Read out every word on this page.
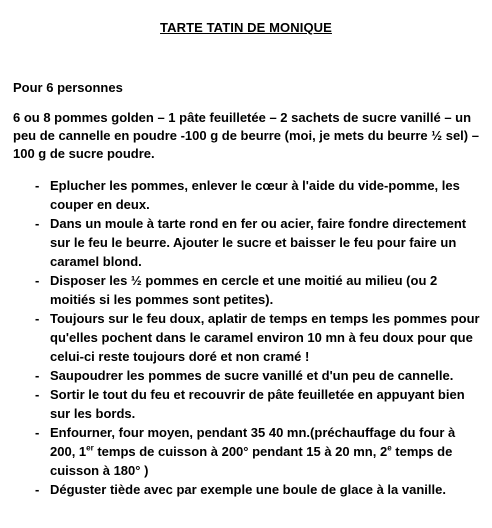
TARTE TATIN DE MONIQUE
Pour 6 personnes
6 ou 8 pommes golden – 1 pâte feuilletée – 2 sachets de sucre vanillé – un peu de cannelle en poudre -100 g de beurre (moi, je mets du beurre ½ sel) – 100 g de sucre poudre.
- Eplucher les pommes, enlever le cœur à l'aide du vide-pomme, les couper en deux.
- Dans un moule à tarte rond en fer ou acier, faire fondre directement sur le feu le beurre. Ajouter le sucre et baisser le feu pour faire un caramel blond.
- Disposer les ½ pommes en cercle et une moitié au milieu (ou 2 moitiés si les pommes sont petites).
- Toujours sur le feu doux, aplatir de temps en temps les pommes pour qu'elles pochent dans le caramel environ 10 mn à feu doux pour que celui-ci reste toujours doré et non cramé !
- Saupoudrer les pommes de sucre vanillé et d'un peu de cannelle.
- Sortir le tout du feu et recouvrir de pâte feuilletée en appuyant bien sur les bords.
- Enfourner, four moyen, pendant 35 40 mn.(préchauffage du four à 200, 1er temps de cuisson à 200° pendant 15 à 20 mn, 2e temps de cuisson à 180° )
- Déguster tiède avec par exemple une boule de glace à la vanille.
